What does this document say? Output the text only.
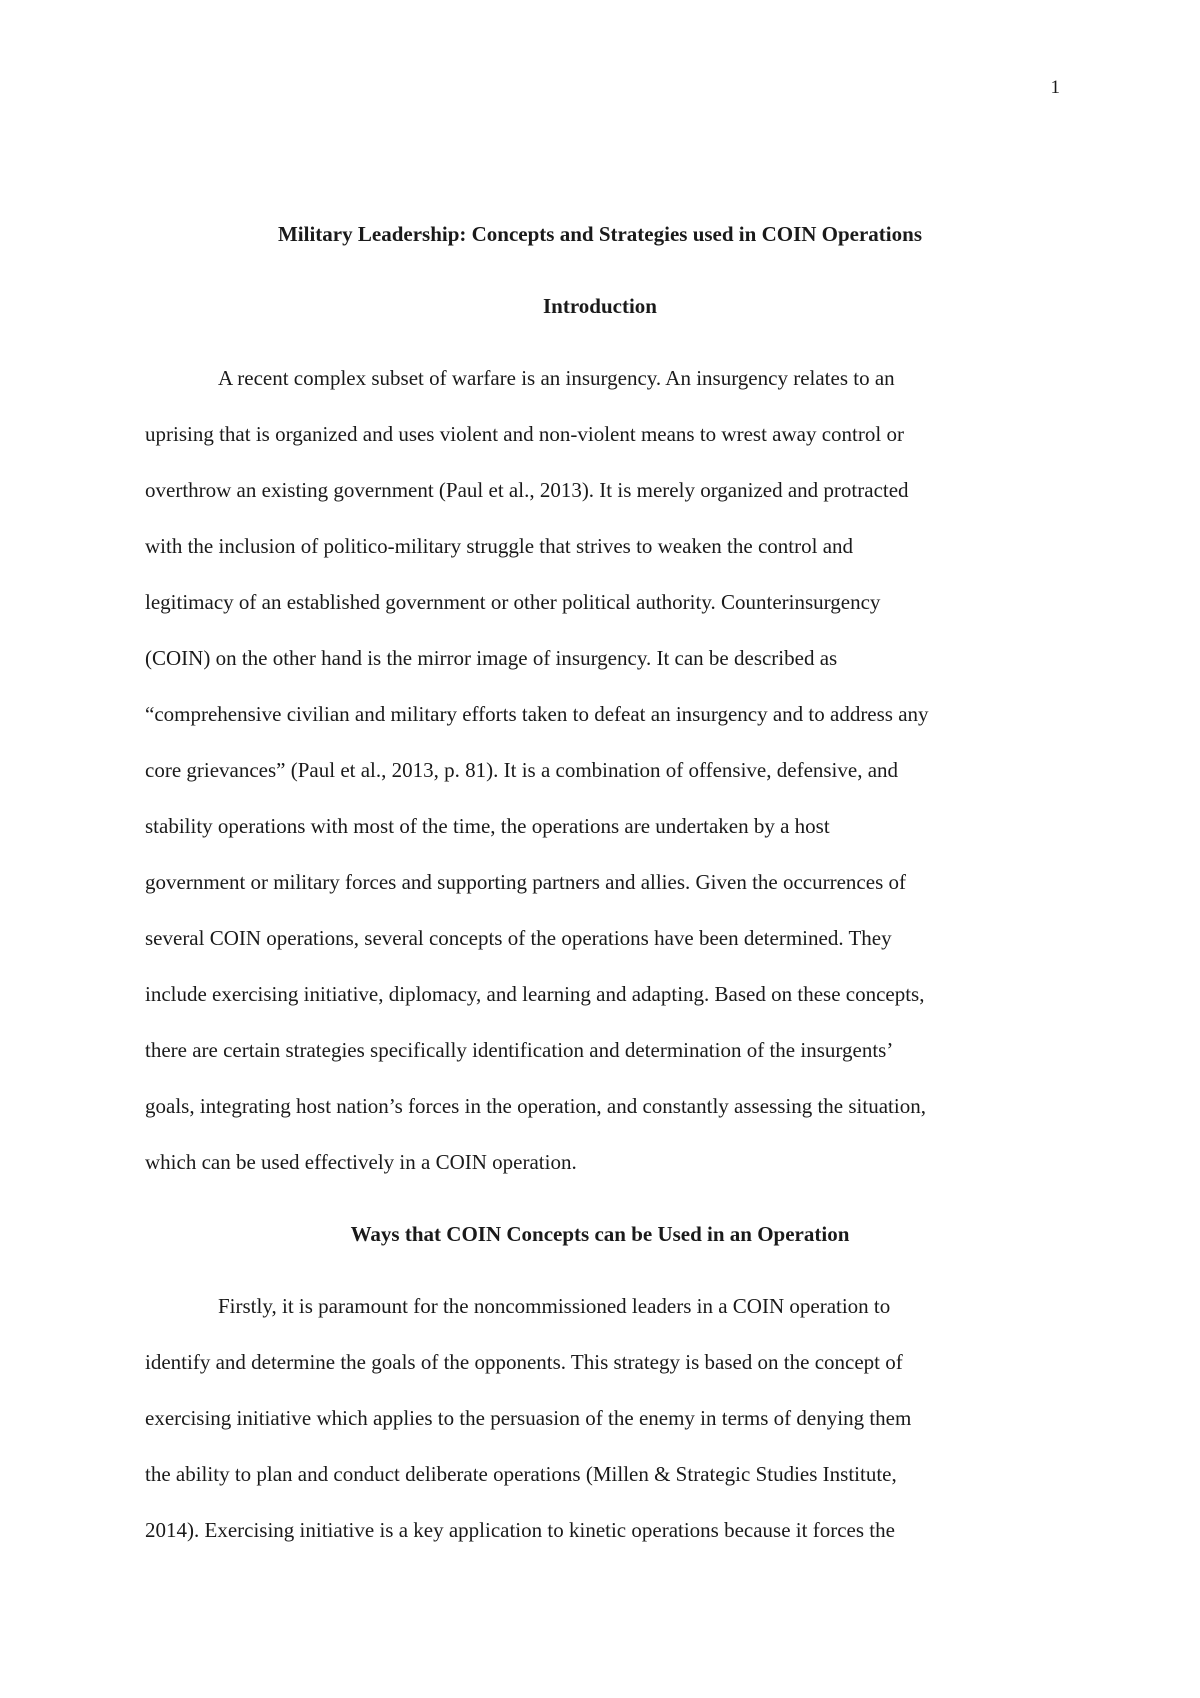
1
Military Leadership: Concepts and Strategies used in COIN Operations
Introduction
A recent complex subset of warfare is an insurgency. An insurgency relates to an
uprising that is organized and uses violent and non-violent means to wrest away control or
overthrow an existing government (Paul et al., 2013). It is merely organized and protracted
with the inclusion of politico-military struggle that strives to weaken the control and
legitimacy of an established government or other political authority. Counterinsurgency
(COIN) on the other hand is the mirror image of insurgency. It can be described as
“comprehensive civilian and military efforts taken to defeat an insurgency and to address any
core grievances” (Paul et al., 2013, p. 81). It is a combination of offensive, defensive, and
stability operations with most of the time, the operations are undertaken by a host
government or military forces and supporting partners and allies. Given the occurrences of
several COIN operations, several concepts of the operations have been determined. They
include exercising initiative, diplomacy, and learning and adapting. Based on these concepts,
there are certain strategies specifically identification and determination of the insurgents’
goals, integrating host nation’s forces in the operation, and constantly assessing the situation,
which can be used effectively in a COIN operation.
Ways that COIN Concepts can be Used in an Operation
Firstly, it is paramount for the noncommissioned leaders in a COIN operation to
identify and determine the goals of the opponents. This strategy is based on the concept of
exercising initiative which applies to the persuasion of the enemy in terms of denying them
the ability to plan and conduct deliberate operations (Millen & Strategic Studies Institute,
2014). Exercising initiative is a key application to kinetic operations because it forces the
